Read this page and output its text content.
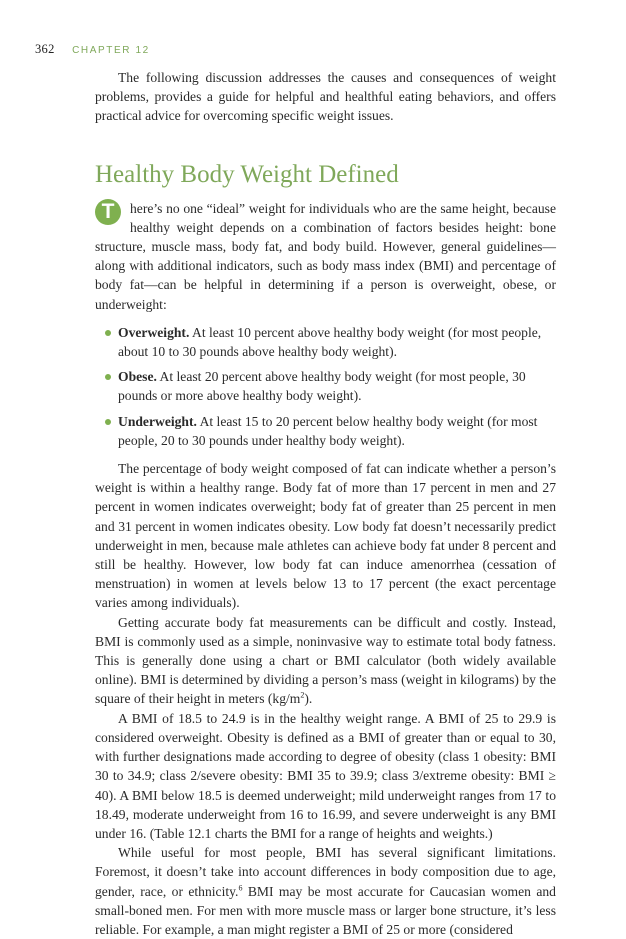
362 CHAPTER 12

The following discussion addresses the causes and consequences of weight problems, provides a guide for helpful and healthful eating behaviors, and offers practical advice for overcoming specific weight issues.

Healthy Body Weight Defined

T	here’s no one “ideal” weight for individuals who are the same height, because healthy weight depends on a combination of factors besides height: bone structure, muscle mass, body fat, and body build. However, general guidelines—along with additional indicators, such as body mass index (BMI) and percentage of body fat—can be helpful in determining if a person is overweight, obese, or underweight:

Overweight. At least 10 percent above healthy body weight (for most people, about 10 to 30 pounds above healthy body weight).
Obese. At least 20 percent above healthy body weight (for most people, 30 pounds or more above healthy body weight).
Underweight. At least 15 to 20 percent below healthy body weight (for most people, 20 to 30 pounds under healthy body weight).

The percentage of body weight composed of fat can indicate whether a person’s weight is within a healthy range. Body fat of more than 17 percent in men and 27 percent in women indicates overweight; body fat of greater than 25 percent in men and 31 percent in women indicates obesity. Low body fat doesn’t necessarily predict underweight in men, because male athletes can achieve body fat under 8 percent and still be healthy. However, low body fat can induce amenorrhea (cessation of menstruation) in women at levels below 13 to 17 percent (the exact percentage varies among individuals).

Getting accurate body fat measurements can be difficult and costly. Instead, BMI is commonly used as a simple, noninvasive way to estimate total body fatness. This is generally done using a chart or BMI calculator (both widely available online). BMI is determined by dividing a person’s mass (weight in kilograms) by the square of their height in meters $(kg/m^2)$.

A BMI of 18.5 to 24.9 is in the healthy weight range. A BMI of 25 to 29.9 is considered overweight. Obesity is defined as a BMI of greater than or equal to 30, with further designations made according to degree of obesity (class 1 obesity: BMI 30 to 34.9; class 2/severe obesity: BMI 35 to 39.9; class 3/extreme obesity: BMI ≥ 40). A BMI below 18.5 is deemed underweight; mild underweight ranges from 17 to 18.49, moderate underweight from 16 to 16.99, and severe underweight is any BMI under 16. (Table 12.1 charts the BMI for a range of heights and weights.)

While useful for most people, BMI has several significant limitations. Foremost, it doesn’t take into account differences in body composition due to age, gender, race, or ethnicity.$^6$ BMI may be most accurate for Caucasian women and small-boned men. For men with more muscle mass or larger bone structure, it’s less reliable. For example, a man might register a BMI of 25 or more (considered
